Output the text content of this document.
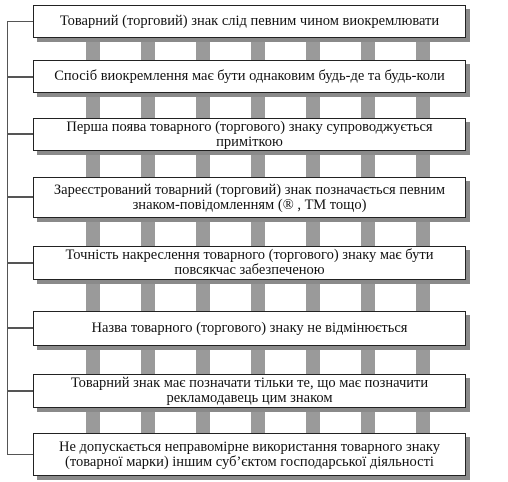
Товарний (торговий) знак слід певним чином виокремлювати
Спосіб виокремлення має бути однаковим будь-де та будь-коли
Перша поява товарного (торгового) знаку супроводжується приміткою
Зареєстрований товарний (торговий) знак позначається певним знаком-повідомленням (® , ТМ тощо)
Точність накреслення товарного (торгового) знаку має бути повсякчас забезпеченою
Назва товарного (торгового) знаку не відмінюється
Товарний знак має позначати тільки те, що має позначити рекламодавець цим знаком
Не допускається неправомірне використання товарного знаку (товарної марки) іншим суб’єктом господарської діяльності
